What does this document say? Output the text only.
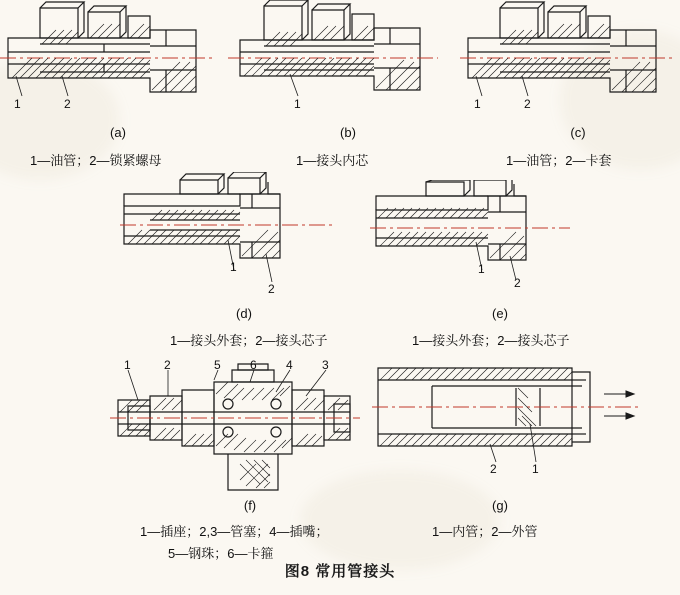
1	2
(a)
1—油管；2—锁紧螺母
1
(b)
1—接头内芯
1	2
(c)
1—油管；2—卡套
1
2
(d)
1—接头外套；2—接头芯子
1
2
(e)
1—接头外套；2—接头芯子
1	2	5 6 4 3
(f)
1—插座；2,3—管塞；4—插嘴；
5—钢珠；6—卡箍
2	1
(g)
1—内管；2—外管
图8 常用管接头
